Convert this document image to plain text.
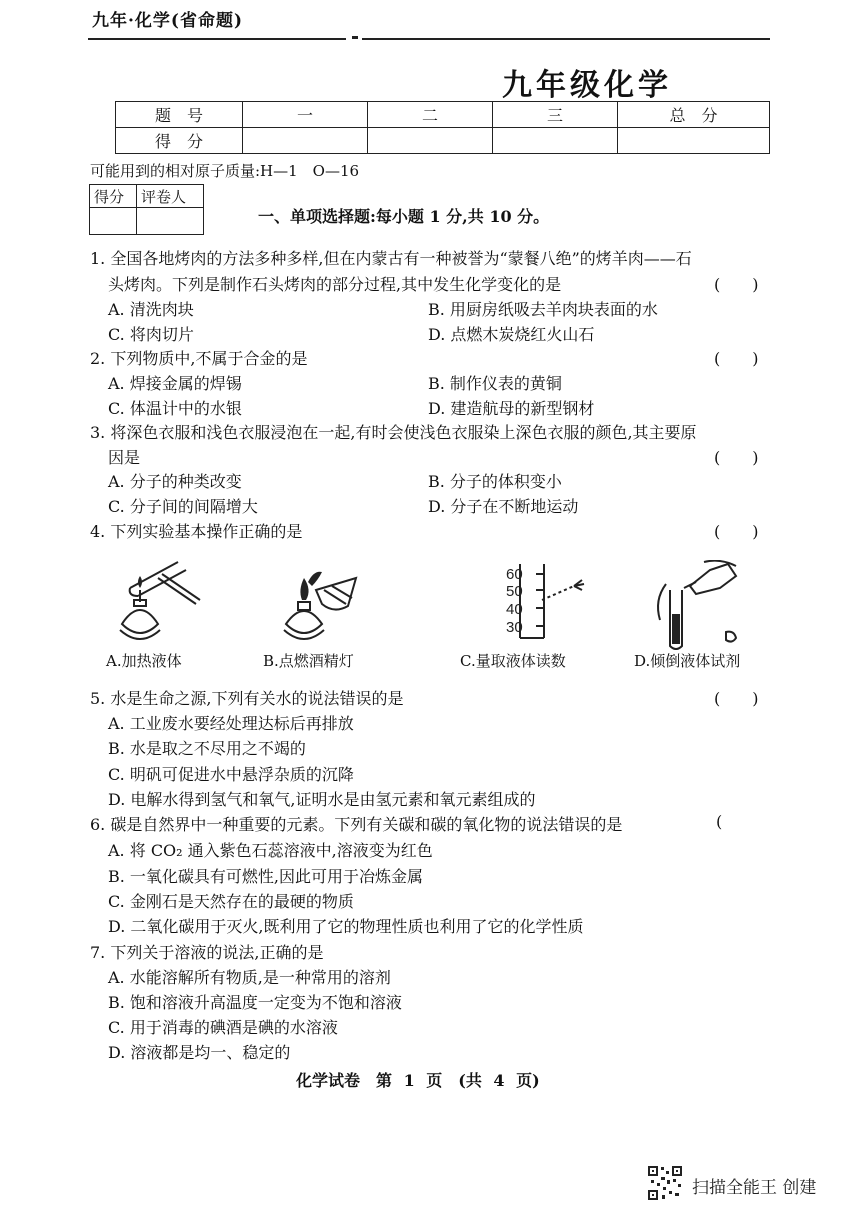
九年·化学(省命题)
九年级化学
题　号	一	二	三	总　分
得　分				
可能用到的相对原子质量:H—1　O—16
得分	评卷人

一、单项选择题:每小题 1 分,共 10 分。
1. 全国各地烤肉的方法多种多样,但在内蒙古有一种被誉为“蒙餐八绝”的烤羊肉——石
头烤肉。下列是制作石头烤肉的部分过程,其中发生化学变化的是	(　　)
A. 清洗肉块	B. 用厨房纸吸去羊肉块表面的水
C. 将肉切片	D. 点燃木炭烧红火山石
2. 下列物质中,不属于合金的是	(　　)
A. 焊接金属的焊锡	B. 制作仪表的黄铜
C. 体温计中的水银	D. 建造航母的新型钢材
3. 将深色衣服和浅色衣服浸泡在一起,有时会使浅色衣服染上深色衣服的颜色,其主要原
因是	(　　)
A. 分子的种类改变	B. 分子的体积变小
C. 分子间的间隔增大	D. 分子在不断地运动
4. 下列实验基本操作正确的是	(　　)
A.加热液体	B.点燃酒精灯
60
50
40
30
C.量取液体读数	D.倾倒液体试剂
5. 水是生命之源,下列有关水的说法错误的是	(　　)
A. 工业废水要经处理达标后再排放
B. 水是取之不尽用之不竭的
C. 明矾可促进水中悬浮杂质的沉降
D. 电解水得到氢气和氧气,证明水是由氢元素和氧元素组成的
6. 碳是自然界中一种重要的元素。下列有关碳和碳的氧化物的说法错误的是	(
A. 将 CO₂ 通入紫色石蕊溶液中,溶液变为红色
B. 一氧化碳具有可燃性,因此可用于冶炼金属
C. 金刚石是天然存在的最硬的物质
D. 二氧化碳用于灭火,既利用了它的物理性质也利用了它的化学性质
7. 下列关于溶液的说法,正确的是
A. 水能溶解所有物质,是一种常用的溶剂
B. 饱和溶液升高温度一定变为不饱和溶液
C. 用于消毒的碘酒是碘的水溶液
D. 溶液都是均一、稳定的
化学试卷　第 1 页　(共 4 页)
扫描全能王 创建
